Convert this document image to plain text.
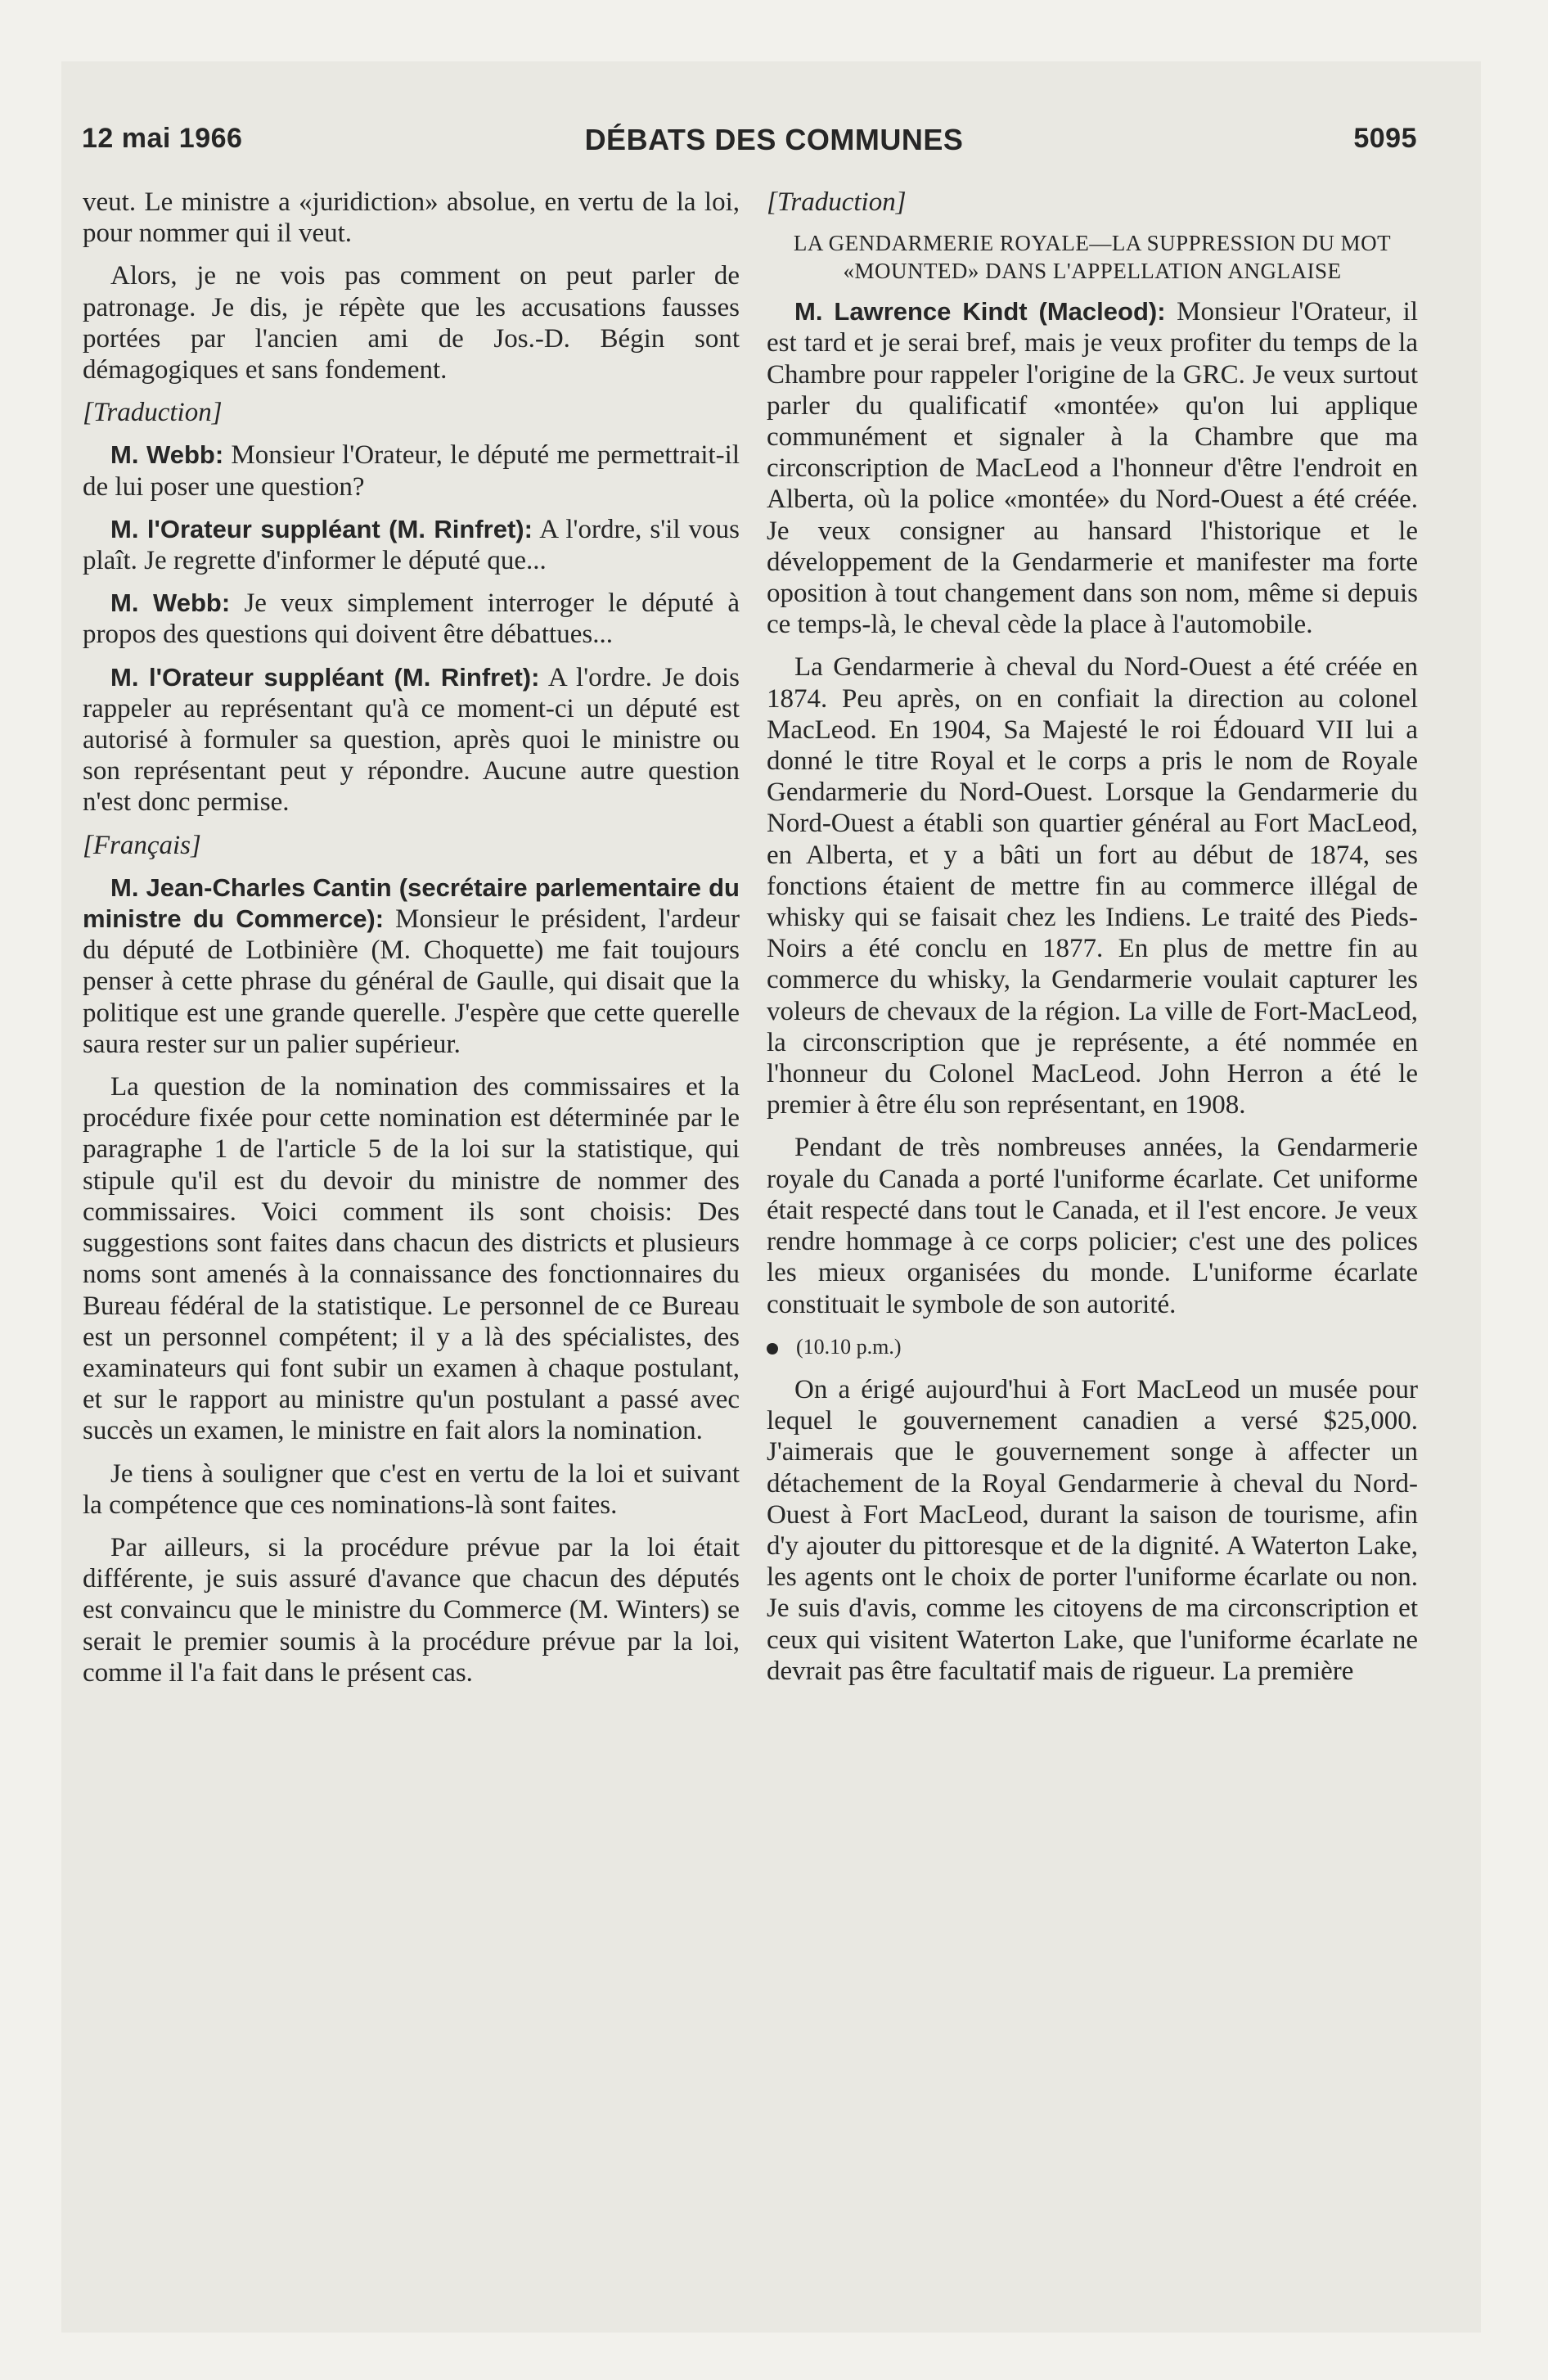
12 mai 1966	DÉBATS DES COMMUNES	5095

veut. Le ministre a «juridiction» absolue, en vertu de la loi, pour nommer qui il veut.

Alors, je ne vois pas comment on peut parler de patronage. Je dis, je répète que les accusations fausses portées par l'ancien ami de Jos.-D. Bégin sont démagogiques et sans fondement.

[Traduction]

M. Webb: Monsieur l'Orateur, le député me permettrait-il de lui poser une question?

M. l'Orateur suppléant (M. Rinfret): A l'ordre, s'il vous plaît. Je regrette d'informer le député que...

M. Webb: Je veux simplement interroger le député à propos des questions qui doivent être débattues...

M. l'Orateur suppléant (M. Rinfret): A l'ordre. Je dois rappeler au représentant qu'à ce moment-ci un député est autorisé à formuler sa question, après quoi le ministre ou son représentant peut y répondre. Aucune autre question n'est donc permise.

[Français]

M. Jean-Charles Cantin (secrétaire parlementaire du ministre du Commerce): Monsieur le président, l'ardeur du député de Lotbinière (M. Choquette) me fait toujours penser à cette phrase du général de Gaulle, qui disait que la politique est une grande querelle. J'espère que cette querelle saura rester sur un palier supérieur.

La question de la nomination des commissaires et la procédure fixée pour cette nomination est déterminée par le paragraphe 1 de l'article 5 de la loi sur la statistique, qui stipule qu'il est du devoir du ministre de nommer des commissaires. Voici comment ils sont choisis: Des suggestions sont faites dans chacun des districts et plusieurs noms sont amenés à la connaissance des fonctionnaires du Bureau fédéral de la statistique. Le personnel de ce Bureau est un personnel compétent; il y a là des spécialistes, des examinateurs qui font subir un examen à chaque postulant, et sur le rapport au ministre qu'un postulant a passé avec succès un examen, le ministre en fait alors la nomination.

Je tiens à souligner que c'est en vertu de la loi et suivant la compétence que ces nominations-là sont faites.

Par ailleurs, si la procédure prévue par la loi était différente, je suis assuré d'avance que chacun des députés est convaincu que le ministre du Commerce (M. Winters) se serait le premier soumis à la procédure prévue par la loi, comme il l'a fait dans le présent cas.

[Traduction]

LA GENDARMERIE ROYALE—LA SUPPRESSION DU MOT «MOUNTED» DANS L'APPELLATION ANGLAISE

M. Lawrence Kindt (Macleod): Monsieur l'Orateur, il est tard et je serai bref, mais je veux profiter du temps de la Chambre pour rappeler l'origine de la GRC. Je veux surtout parler du qualificatif «montée» qu'on lui applique communément et signaler à la Chambre que ma circonscription de MacLeod a l'honneur d'être l'endroit en Alberta, où la police «montée» du Nord-Ouest a été créée. Je veux consigner au hansard l'historique et le développement de la Gendarmerie et manifester ma forte oposition à tout changement dans son nom, même si depuis ce temps-là, le cheval cède la place à l'automobile.

La Gendarmerie à cheval du Nord-Ouest a été créée en 1874. Peu après, on en confiait la direction au colonel MacLeod. En 1904, Sa Majesté le roi Édouard VII lui a donné le titre Royal et le corps a pris le nom de Royale Gendarmerie du Nord-Ouest. Lorsque la Gendarmerie du Nord-Ouest a établi son quartier général au Fort MacLeod, en Alberta, et y a bâti un fort au début de 1874, ses fonctions étaient de mettre fin au commerce illégal de whisky qui se faisait chez les Indiens. Le traité des Pieds-Noirs a été conclu en 1877. En plus de mettre fin au commerce du whisky, la Gendarmerie voulait capturer les voleurs de chevaux de la région. La ville de Fort-MacLeod, la circonscription que je représente, a été nommée en l'honneur du Colonel MacLeod. John Herron a été le premier à être élu son représentant, en 1908.

Pendant de très nombreuses années, la Gendarmerie royale du Canada a porté l'uniforme écarlate. Cet uniforme était respecté dans tout le Canada, et il l'est encore. Je veux rendre hommage à ce corps policier; c'est une des polices les mieux organisées du monde. L'uniforme écarlate constituait le symbole de son autorité.

(10.10 p.m.)

On a érigé aujourd'hui à Fort MacLeod un musée pour lequel le gouvernement canadien a versé $25,000. J'aimerais que le gouvernement songe à affecter un détachement de la Royal Gendarmerie à cheval du Nord-Ouest à Fort MacLeod, durant la saison de tourisme, afin d'y ajouter du pittoresque et de la dignité. A Waterton Lake, les agents ont le choix de porter l'uniforme écarlate ou non. Je suis d'avis, comme les citoyens de ma circonscription et ceux qui visitent Waterton Lake, que l'uniforme écarlate ne devrait pas être facultatif mais de rigueur. La première
